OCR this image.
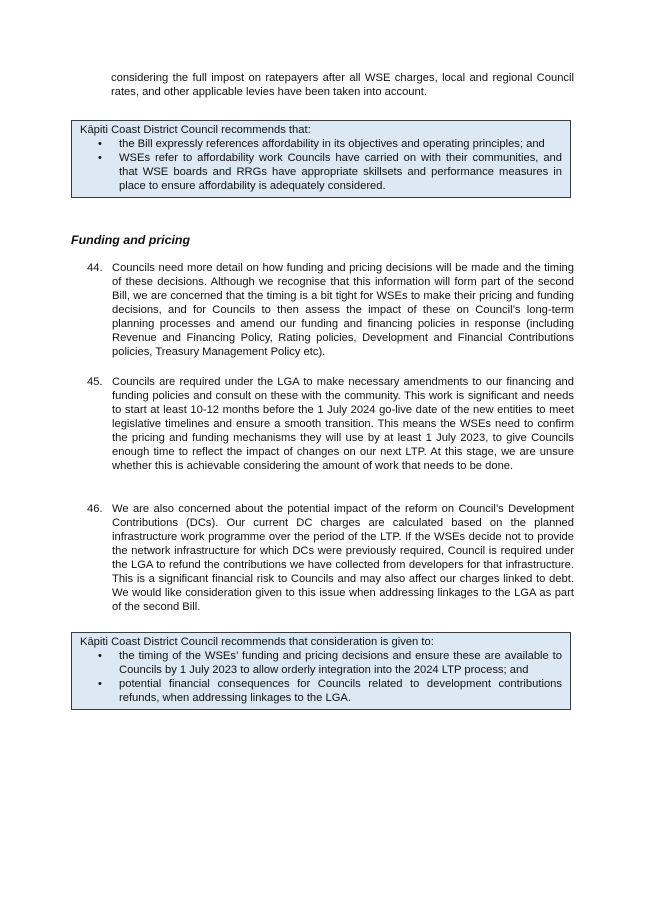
considering the full impost on ratepayers after all WSE charges, local and regional Council rates, and other applicable levies have been taken into account.

Kāpiti Coast District Council recommends that:

• the Bill expressly references affordability in its objectives and operating principles; and
• WSEs refer to affordability work Councils have carried on with their communities, and that WSE boards and RRGs have appropriate skillsets and performance measures in place to ensure affordability is adequately considered.

Funding and pricing

44. Councils need more detail on how funding and pricing decisions will be made and the timing of these decisions. Although we recognise that this information will form part of the second Bill, we are concerned that the timing is a bit tight for WSEs to make their pricing and funding decisions, and for Councils to then assess the impact of these on Council’s long-term planning processes and amend our funding and financing policies in response (including Revenue and Financing Policy, Rating policies, Development and Financial Contributions policies, Treasury Management Policy etc).

45. Councils are required under the LGA to make necessary amendments to our financing and funding policies and consult on these with the community. This work is significant and needs to start at least 10-12 months before the 1 July 2024 go-live date of the new entities to meet legislative timelines and ensure a smooth transition. This means the WSEs need to confirm the pricing and funding mechanisms they will use by at least 1 July 2023, to give Councils enough time to reflect the impact of changes on our next LTP. At this stage, we are unsure whether this is achievable considering the amount of work that needs to be done.

46. We are also concerned about the potential impact of the reform on Council’s Development Contributions (DCs). Our current DC charges are calculated based on the planned infrastructure work programme over the period of the LTP. If the WSEs decide not to provide the network infrastructure for which DCs were previously required, Council is required under the LGA to refund the contributions we have collected from developers for that infrastructure. This is a significant financial risk to Councils and may also affect our charges linked to debt. We would like consideration given to this issue when addressing linkages to the LGA as part of the second Bill.

Kāpiti Coast District Council recommends that consideration is given to:

• the timing of the WSEs’ funding and pricing decisions and ensure these are available to Councils by 1 July 2023 to allow orderly integration into the 2024 LTP process; and
• potential financial consequences for Councils related to development contributions refunds, when addressing linkages to the LGA.
